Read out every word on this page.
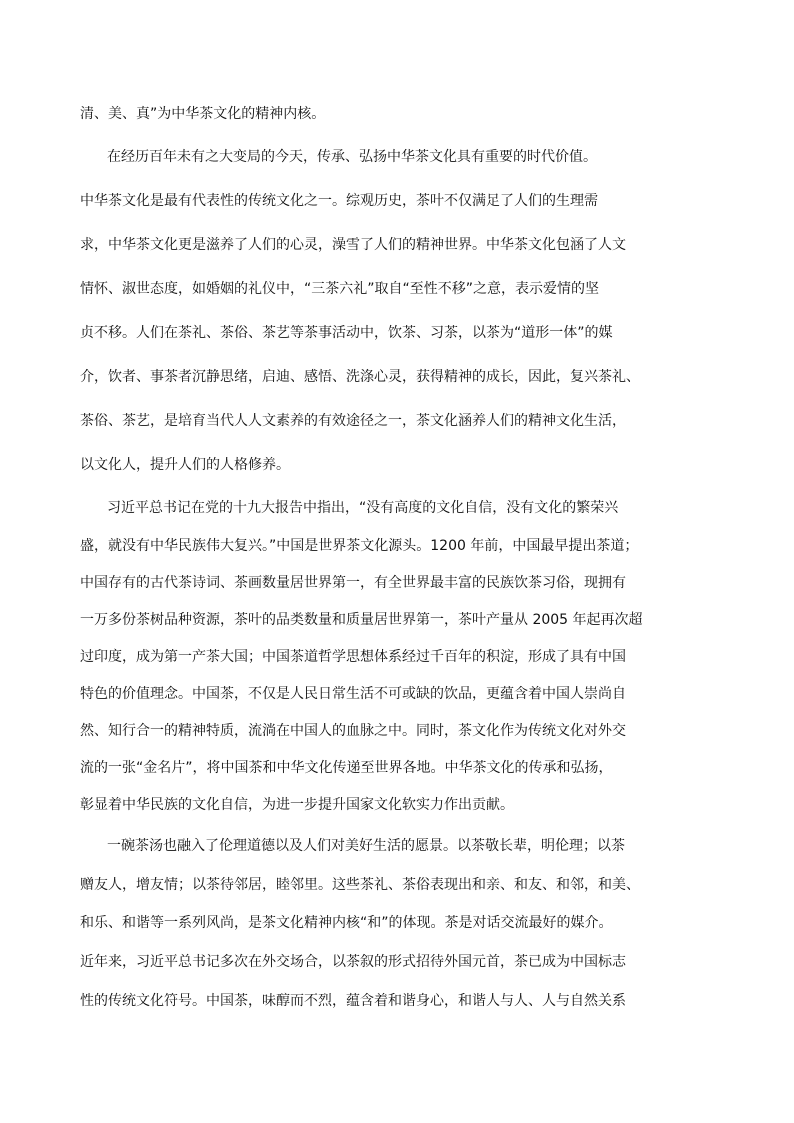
清、美、真”为中华茶文化的精神内核。
在经历百年未有之大变局的今天，传承、弘扬中华茶文化具有重要的时代价值。
中华茶文化是最有代表性的传统文化之一。综观历史，茶叶不仅满足了人们的生理需
求，中华茶文化更是滋养了人们的心灵，澡雪了人们的精神世界。中华茶文化包涵了人文
情怀、淑世态度，如婚姻的礼仪中，“三茶六礼”取自“至性不移”之意，表示爱情的坚
贞不移。人们在茶礼、茶俗、茶艺等茶事活动中，饮茶、习茶，以茶为“道形一体”的媒
介，饮者、事茶者沉静思绪，启迪、感悟、洗涤心灵，获得精神的成长，因此，复兴茶礼、
茶俗、茶艺，是培育当代人人文素养的有效途径之一，茶文化涵养人们的精神文化生活，
以文化人，提升人们的人格修养。
习近平总书记在党的十九大报告中指出，“没有高度的文化自信，没有文化的繁荣兴
盛，就没有中华民族伟大复兴。”中国是世界茶文化源头。1200 年前，中国最早提出茶道；
中国存有的古代茶诗词、茶画数量居世界第一，有全世界最丰富的民族饮茶习俗，现拥有
一万多份茶树品种资源，茶叶的品类数量和质量居世界第一，茶叶产量从 2005 年起再次超
过印度，成为第一产茶大国；中国茶道哲学思想体系经过千百年的积淀，形成了具有中国
特色的价值理念。中国茶，不仅是人民日常生活不可或缺的饮品，更蕴含着中国人崇尚自
然、知行合一的精神特质，流淌在中国人的血脉之中。同时，茶文化作为传统文化对外交
流的一张“金名片”，将中国茶和中华文化传递至世界各地。中华茶文化的传承和弘扬，
彰显着中华民族的文化自信，为进一步提升国家文化软实力作出贡献。
一碗茶汤也融入了伦理道德以及人们对美好生活的愿景。以茶敬长辈，明伦理；以茶
赠友人，增友情；以茶待邻居，睦邻里。这些茶礼、茶俗表现出和亲、和友、和邻，和美、
和乐、和谐等一系列风尚，是茶文化精神内核“和”的体现。茶是对话交流最好的媒介。
近年来，习近平总书记多次在外交场合，以茶叙的形式招待外国元首，茶已成为中国标志
性的传统文化符号。中国茶，味醇而不烈，蕴含着和谐身心，和谐人与人、人与自然关系
